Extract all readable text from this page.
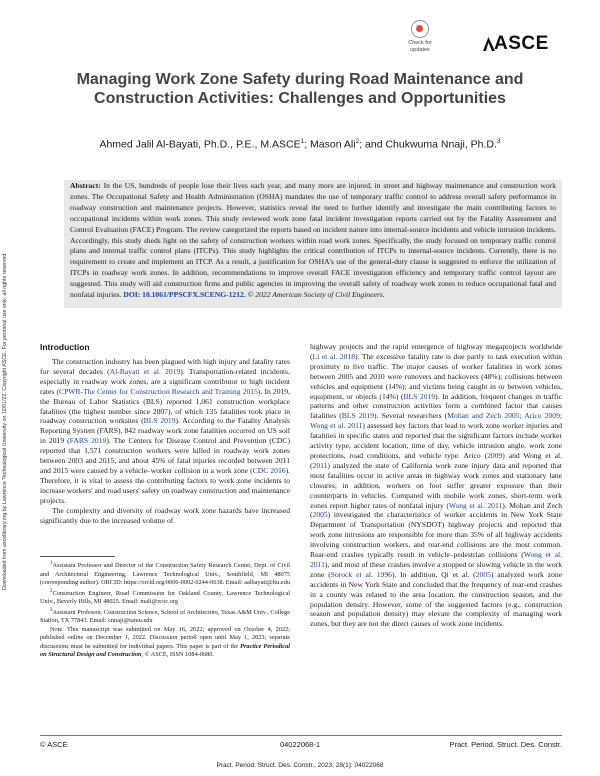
Downloaded from ascelibrary.org by Lawrence Technological University on 12/01/22. Copyright ASCE. For personal use only; all rights reserved.
Check for updates	ASCE
Managing Work Zone Safety during Road Maintenance and Construction Activities: Challenges and Opportunities
Ahmed Jalil Al-Bayati, Ph.D., P.E., M.ASCE$^1$; Mason Ali$^2$; and Chukwuma Nnaji, Ph.D.$^3$
Abstract: In the US, hundreds of people lose their lives each year, and many more are injured, in street and highway maintenance and construction work zones. The Occupational Safety and Health Administration (OSHA) mandates the use of temporary traffic control to address overall safety performance in roadway construction and maintenance projects. However, statistics reveal the need to further identify and investigate the main contributing factors to occupational incidents within work zones. This study reviewed work zone fatal incident investigation reports carried out by the Fatality Assessment and Control Evaluation (FACE) Program. The review categorized the reports based on incident nature into internal-source incidents and vehicle intrusion incidents. Accordingly, this study sheds light on the safety of construction workers within road work zones. Specifically, the study focused on temporary traffic control plans and internal traffic control plans (ITCPs). This study highlights the critical contribution of ITCPs to internal-source incidents. Currently, there is no requirement to create and implement an ITCP. As a result, a justification for OSHA's use of the general-duty clause is suggested to enforce the utilization of ITCPs in roadway work zones. In addition, recommendations to improve overall FACE investigation efficiency and temporary traffic control layout are suggested. This study will aid construction firms and public agencies in improving the overall safety of roadway work zones to reduce occupational fatal and nonfatal injuries. DOI: 10.1061/PPSCFX.SCENG-1212. © 2022 American Society of Civil Engineers.
Introduction

The construction industry has been plagued with high injury and fatality rates for several decades (Al-Bayati et al. 2019). Transportation-related incidents, especially in roadway work zones, are a significant contributor to high incident rates (CPWR-The Center for Construction Research and Training 2015). In 2019, the Bureau of Labor Statistics (BLS) reported 1,061 construction workplace fatalities (the highest number since 2007), of which 135 fatalities took place in roadway construction worksites (BLS 2019). According to the Fatality Analysis Reporting System (FARS), 842 roadway work zone fatalities occurred on US soil in 2019 (FARS 2019). The Centers for Disease Control and Prevention (CDC) reported that 1,571 construction workers were killed in roadway work zones between 2003 and 2015, and about 45% of fatal injuries recorded between 2011 and 2015 were caused by a vehicle–worker collision in a work zone (CDC 2016). Therefore, it is vital to assess the contributing factors to work zone incidents to increase workers' and road users' safety on roadway construction and maintenance projects.

The complexity and diversity of roadway work zone hazards have increased significantly due to the increased volume of

highway projects and the rapid emergence of highway megaprojects worldwide (Li et al. 2018). The excessive fatality rate is due partly to task execution within proximity to live traffic. The major causes of worker fatalities in work zones between 2005 and 2010 were runovers and backovers (48%); collisions between vehicles and equipment (14%); and victims being caught in or between vehicles, equipment, or objects (14%) (BLS 2019). In addition, frequent changes in traffic patterns and other construction activities form a combined factor that causes fatalities (BLS 2019). Several researchers (Mohan and Zech 2005; Arico 2009; Wong et al. 2011) assessed key factors that lead to work zone worker injuries and fatalities in specific states and reported that the significant factors include worker activity type, accident location, time of day, vehicle intrusion angle, work zone protections, road conditions, and vehicle type. Arico (2009) and Wong et al. (2011) analyzed the state of California work zone injury data and reported that most fatalities occur in active areas in highway work zones and stationary lane closures; in addition, workers on foot suffer greater exposure than their counterparts in vehicles. Compared with mobile work zones, short-term work zones report higher rates of nonfatal injury (Wong et al. 2011). Mohan and Zech (2005) investigated the characteristics of worker accidents in New York State Department of Transportation (NYSDOT) highway projects and reported that work zone intrusions are responsible for more than 35% of all highway accidents involving construction workers, and rear-end collisions are the most common. Rear-end crashes typically result in vehicle–pedestrian collisions (Wong et al. 2011), and most of these crashes involve a stopped or slowing vehicle in the work zone (Sorock et al. 1996). In addition, Qi et al. (2005) analyzed work zone accidents in New York State and concluded that the frequency of rear-end crashes in a county was related to the area location, the construction season, and the population density. However, some of the suggested factors (e.g., construction season and population density) may elevate the complexity of managing work zones, but they are not the direct causes of work zone incidents.

$^1$Assistant Professor and Director of the Construction Safety Research Center, Dept. of Civil and Architectural Engineering, Lawrence Technological Univ., Southfield, MI 48075 (corresponding author). ORCID: https://orcid.org/0000-0002-0244-0638. Email: aalbayati@ltu.edu

$^2$Construction Engineer, Road Commission for Oakland County, Lawrence Technological Univ., Beverly Hills, MI 48025. Email: mali@rcoc.org

$^3$Assistant Professor, Construction Science, School of Architecture, Texas A&M Univ., College Station, TX 77843. Email: cnnaji@tamu.edu

Note. This manuscript was submitted on May 16, 2022; approved on October 4, 2022; published online on December 1, 2022. Discussion period open until May 1, 2023; separate discussions must be submitted for individual papers. This paper is part of the Practice Periodical on Structural Design and Construction, © ASCE, ISSN 1084-0680.

© ASCE	04022068-1	Pract. Period. Struct. Des. Constr.
Pract. Period. Struct. Des. Constr., 2023, 28(1): 04022068
